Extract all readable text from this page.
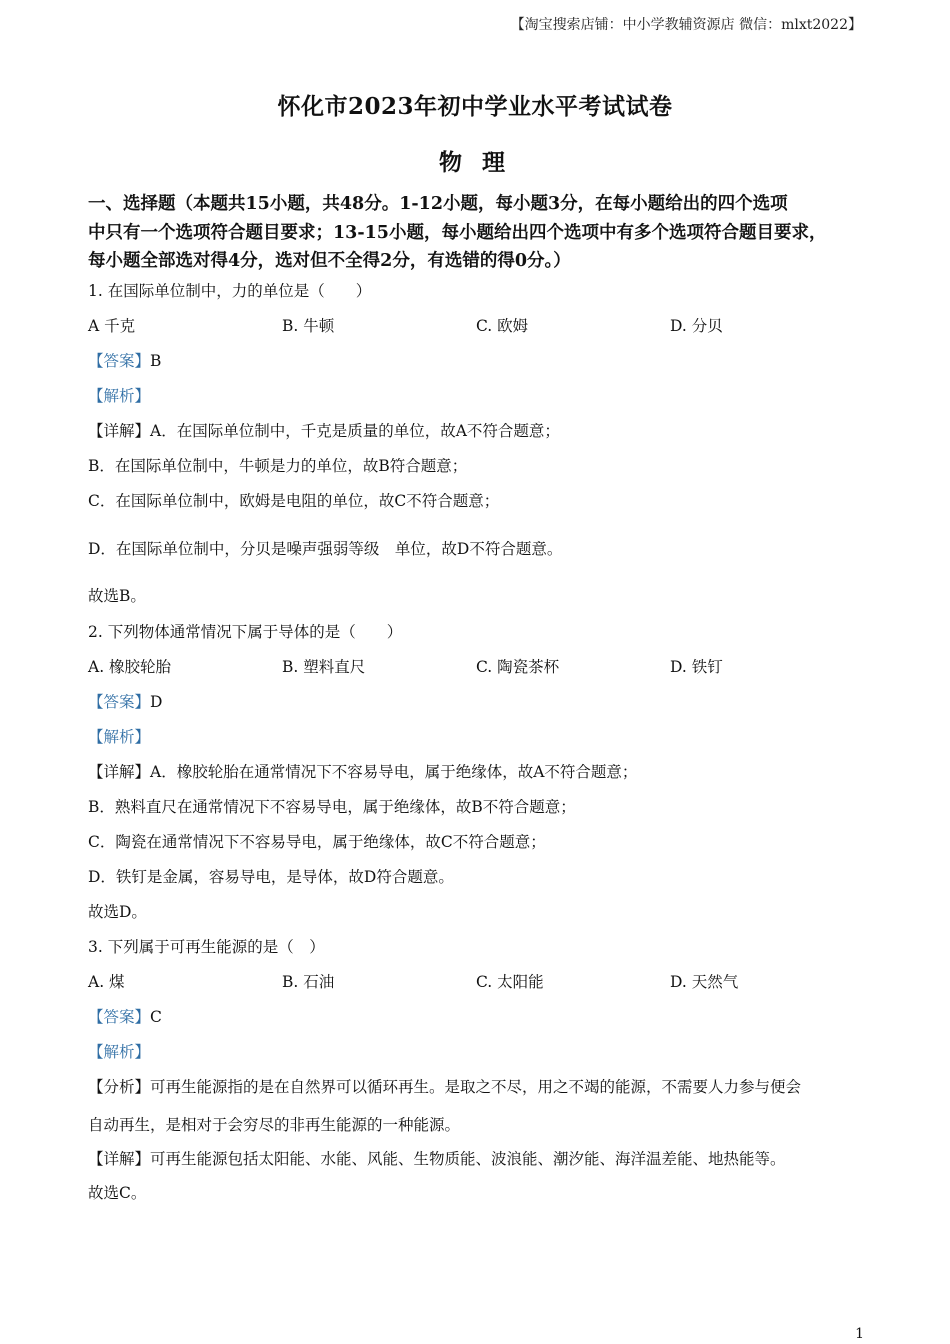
【淘宝搜索店铺：中小学教辅资源店 微信：mlxt2022】
怀化市2023年初中学业水平考试试卷
物 理
一、选择题（本题共15小题，共48分。1-12小题，每小题3分，在每小题给出的四个选项
中只有一个选项符合题目要求；13-15小题，每小题给出四个选项中有多个选项符合题目要求，
每小题全部选对得4分，选对但不全得2分，有选错的得0分。）
1. 在国际单位制中，力的单位是（　　）
A 千克	B. 牛顿	C. 欧姆	D. 分贝
【答案】B
【解析】
【详解】A．在国际单位制中，千克是质量的单位，故A不符合题意；
B．在国际单位制中，牛顿是力的单位，故B符合题意；
C．在国际单位制中，欧姆是电阻的单位，故C不符合题意；
D．在国际单位制中，分贝是噪声强弱等级　单位，故D不符合题意。
故选B。
2. 下列物体通常情况下属于导体的是（　　）
A. 橡胶轮胎	B. 塑料直尺	C. 陶瓷茶杯	D. 铁钉
【答案】D
【解析】
【详解】A．橡胶轮胎在通常情况下不容易导电，属于绝缘体，故A不符合题意；
B．熟料直尺在通常情况下不容易导电，属于绝缘体，故B不符合题意；
C．陶瓷在通常情况下不容易导电，属于绝缘体，故C不符合题意；
D．铁钉是金属，容易导电，是导体，故D符合题意。
故选D。
3. 下列属于可再生能源的是（　）
A. 煤	B. 石油	C. 太阳能	D. 天然气
【答案】C
【解析】
【分析】可再生能源指的是在自然界可以循环再生。是取之不尽，用之不竭的能源，不需要人力参与便会
自动再生，是相对于会穷尽的非再生能源的一种能源。
【详解】可再生能源包括太阳能、水能、风能、生物质能、波浪能、潮汐能、海洋温差能、地热能等。
故选C。
1
